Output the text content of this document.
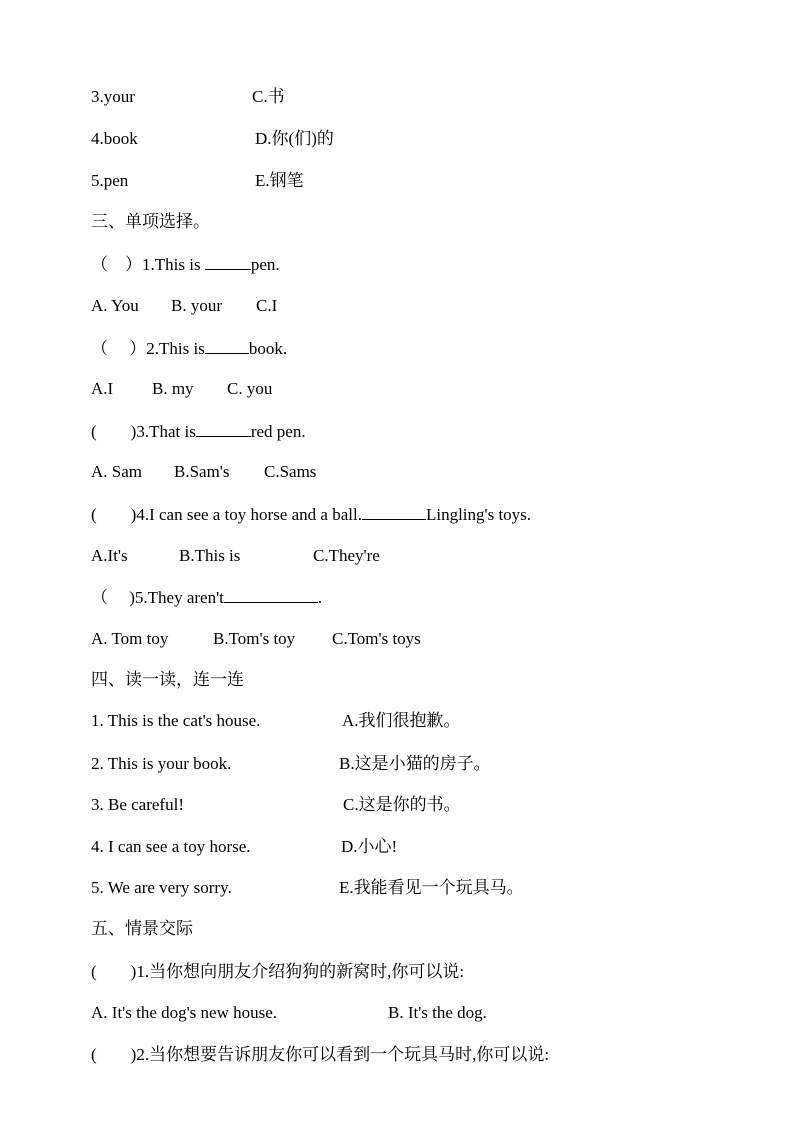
3.your	C.书
4.book	D.你(们)的
5.pen	E.钢笔
三、单项选择。
（　）1.This is	pen.
A. You B. your C.I
（　 ）2.This is	book.
A.I B. my C. you
(　　)3.That is	red pen.
A. Sam B.Sam's C.Sams
(　　)4.I can see a toy horse and a ball.	Lingling's toys.
A.It's	B.This is	C.They're
（　 )5.They aren't	.
A. Tom toy	B.Tom's toy C.Tom's toys
四、读一读，连一连
1. This is the cat's house.	A.我们很抱歉。
2. This is your book.	B.这是小猫的房子。
3. Be careful!	C.这是你的书。
4. I can see a toy horse.	D.小心!
5. We are very sorry.	E.我能看见一个玩具马。
五、情景交际
(　　)1.当你想向朋友介绍狗狗的新窝时,你可以说:
A. It's the dog's new house.	B. It's the dog.
(　　)2.当你想要告诉朋友你可以看到一个玩具马时,你可以说:
